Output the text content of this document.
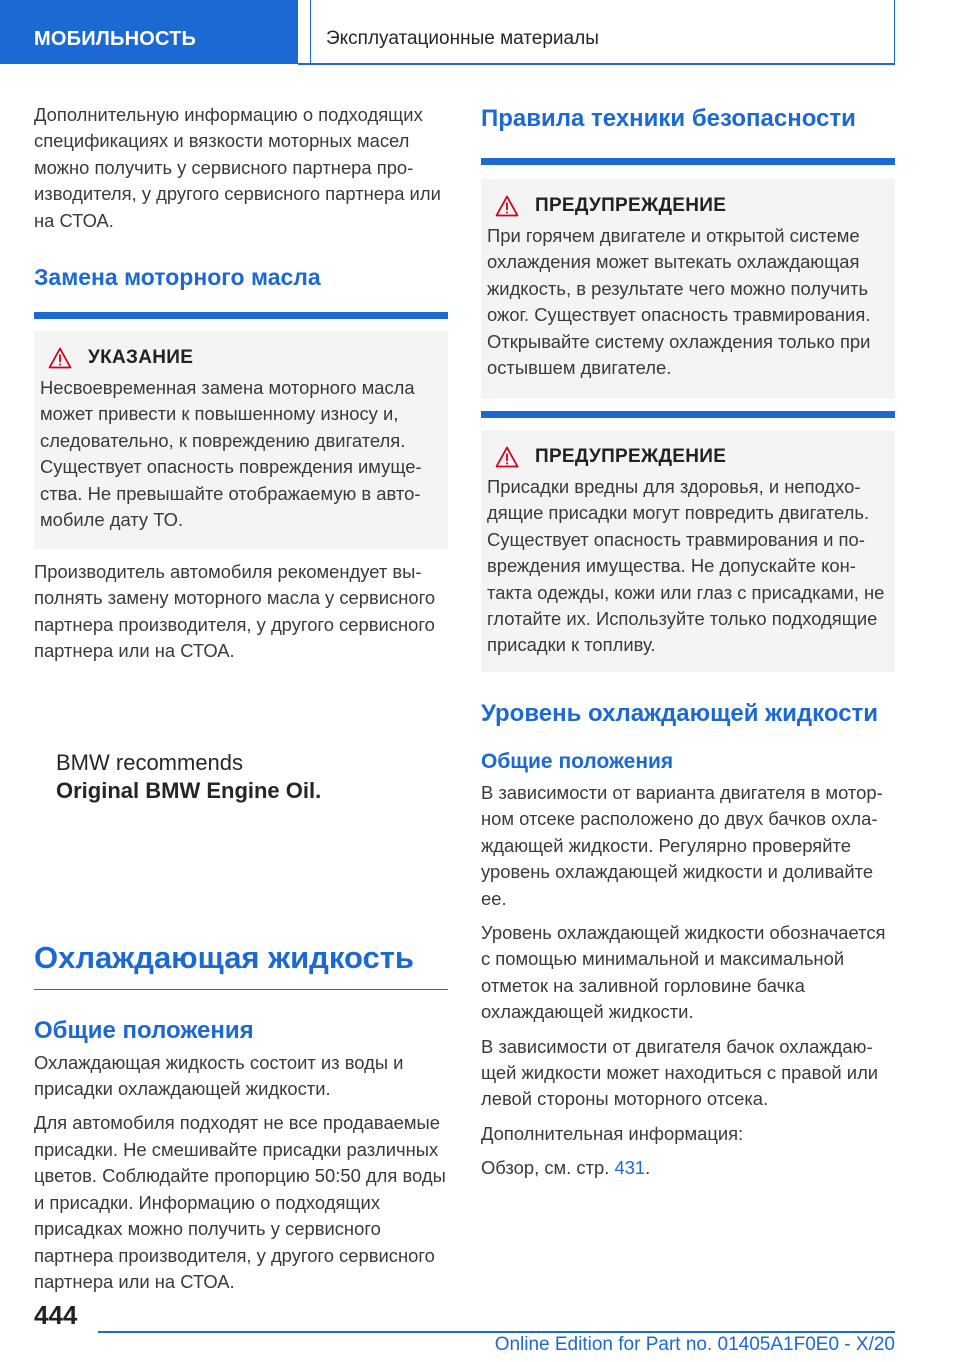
МОБИЛЬНОСТЬ	Эксплуатационные материалы

Дополнительную информацию о подходящих спецификациях и вязкости моторных масел можно получить у сервисного партнера производителя, у другого сервисного партнера или на СТОА.

Замена моторного масла
УКАЗАНИЕ

Несвоевременная замена моторного масла может привести к повышенному износу и, следовательно, к повреждению двигателя. Существует опасность повреждения имущества. Не превышайте отображаемую в автомобиле дату ТО.

Производитель автомобиля рекомендует выполнять замену моторного масла у сервисного партнера производителя, у другого сервисного партнера или на СТОА.

BMW recommends
Original BMW Engine Oil.
Охлаждающая жидкость
Общие положения

Охлаждающая жидкость состоит из воды и присадки охлаждающей жидкости.

Для автомобиля подходят не все продаваемые присадки. Не смешивайте присадки различных цветов. Соблюдайте пропорцию 50:50 для воды и присадки. Информацию о подходящих присадках можно получить у сервисного партнера производителя, у другого сервисного партнера или на СТОА.

Правила техники безопасности
ПРЕДУПРЕЖДЕНИЕ

При горячем двигателе и открытой системе охлаждения может вытекать охлаждающая жидкость, в результате чего можно получить ожог. Существует опасность травмирования. Открывайте систему охлаждения только при остывшем двигателе.

ПРЕДУПРЕЖДЕНИЕ

Присадки вредны для здоровья, и неподходящие присадки могут повредить двигатель. Существует опасность травмирования и повреждения имущества. Не допускайте контакта одежды, кожи или глаз с присадками, не глотайте их. Используйте только подходящие присадки к топливу.

Уровень охлаждающей жидкости
Общие положения

В зависимости от варианта двигателя в моторном отсеке расположено до двух бачков охлаждающей жидкости. Регулярно проверяйте уровень охлаждающей жидкости и доливайте ее.

Уровень охлаждающей жидкости обозначается с помощью минимальной и максимальной отметок на заливной горловине бачка охлаждающей жидкости.

В зависимости от двигателя бачок охлаждающей жидкости может находиться с правой или левой стороны моторного отсека.

Дополнительная информация:

Обзор, см. стр. 431.

444
Online Edition for Part no. 01405A1F0E0 - X/20
